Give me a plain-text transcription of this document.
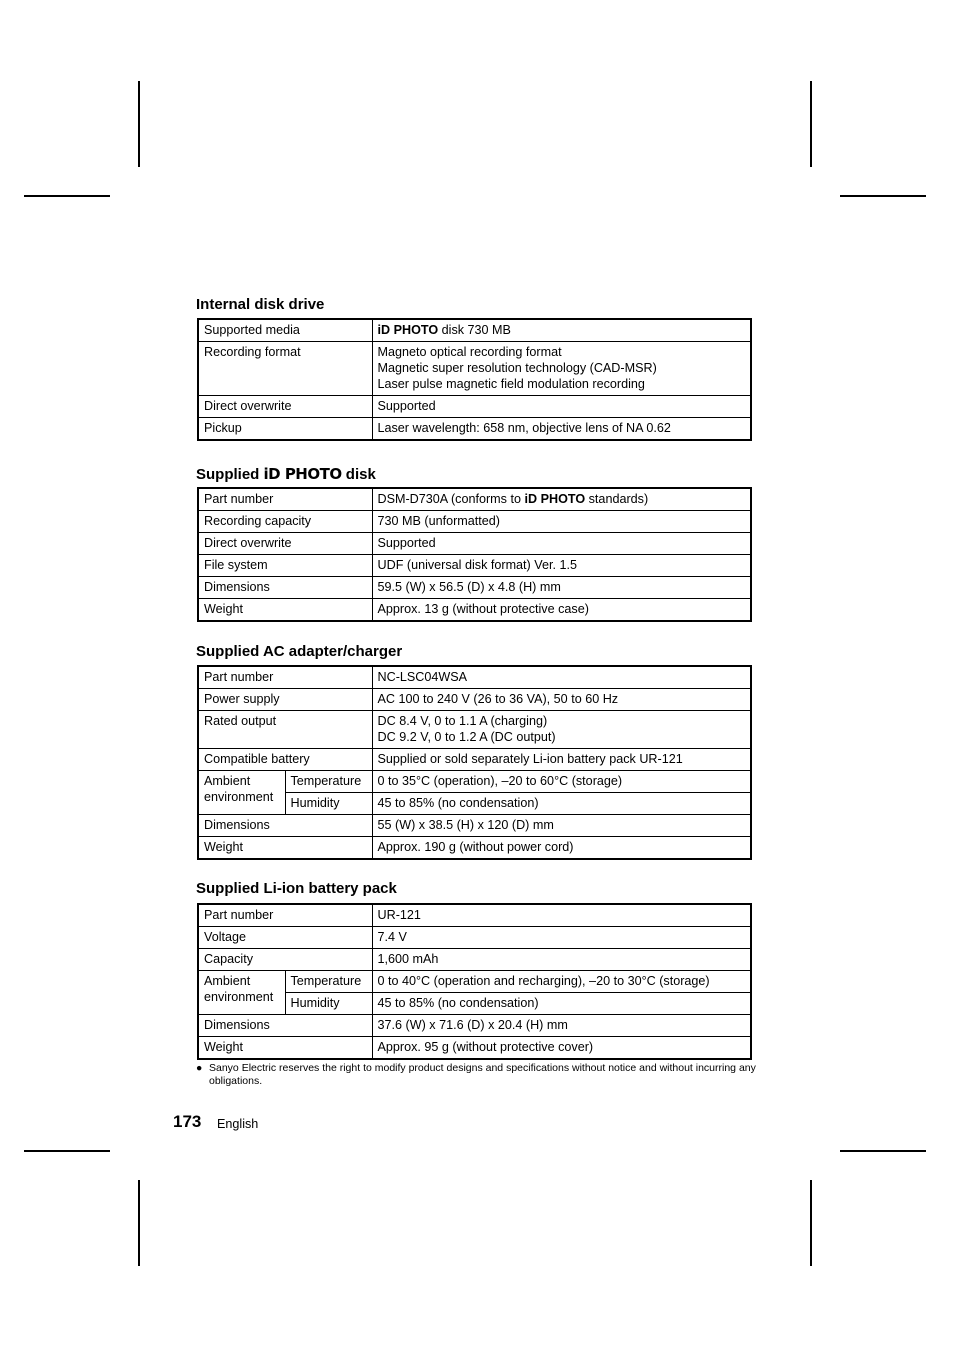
Internal disk drive
Supported media	iD PHOTO disk 730 MB
Recording format	Magneto optical recording format
Magnetic super resolution technology (CAD-MSR)
Laser pulse magnetic field modulation recording

Direct overwrite	Supported
Pickup	Laser wavelength: 658 nm, objective lens of NA 0.62
Supplied iD PHOTO disk
Part number	DSM-D730A (conforms to iD PHOTO standards)
Recording capacity	730 MB (unformatted)
Direct overwrite	Supported
File system	UDF (universal disk format) Ver. 1.5
Dimensions	59.5 (W) x 56.5 (D) x 4.8 (H) mm
Weight	Approx. 13 g (without protective case)
Supplied AC adapter/charger
Part number		NC-LSC04WSA
Power supply		AC 100 to 240 V (26 to 36 VA), 50 to 60 Hz
Rated output		DC 8.4 V, 0 to 1.1 A (charging)
DC 9.2 V, 0 to 1.2 A (DC output)

Compatible battery		Supplied or sold separately Li-ion battery pack UR-121

Ambient
environment	Temperature	0 to 35°C (operation), –20 to 60°C (storage)
	Humidity	45 to 85% (no condensation)
Dimensions		55 (W) x 38.5 (H) x 120 (D) mm
Weight		Approx. 190 g (without power cord)
Supplied Li-ion battery pack
Part number		UR-121
Voltage		7.4 V
Capacity		1,600 mAh

Ambient
environment	Temperature	0 to 40°C (operation and recharging), –20 to 30°C (storage)
	Humidity	45 to 85% (no condensation)
Dimensions		37.6 (W) x 71.6 (D) x 20.4 (H) mm
Weight		Approx. 95 g (without protective cover)
● Sanyo Electric reserves the right to modify product designs and specifications without notice and without incurring any obligations.
173 English
